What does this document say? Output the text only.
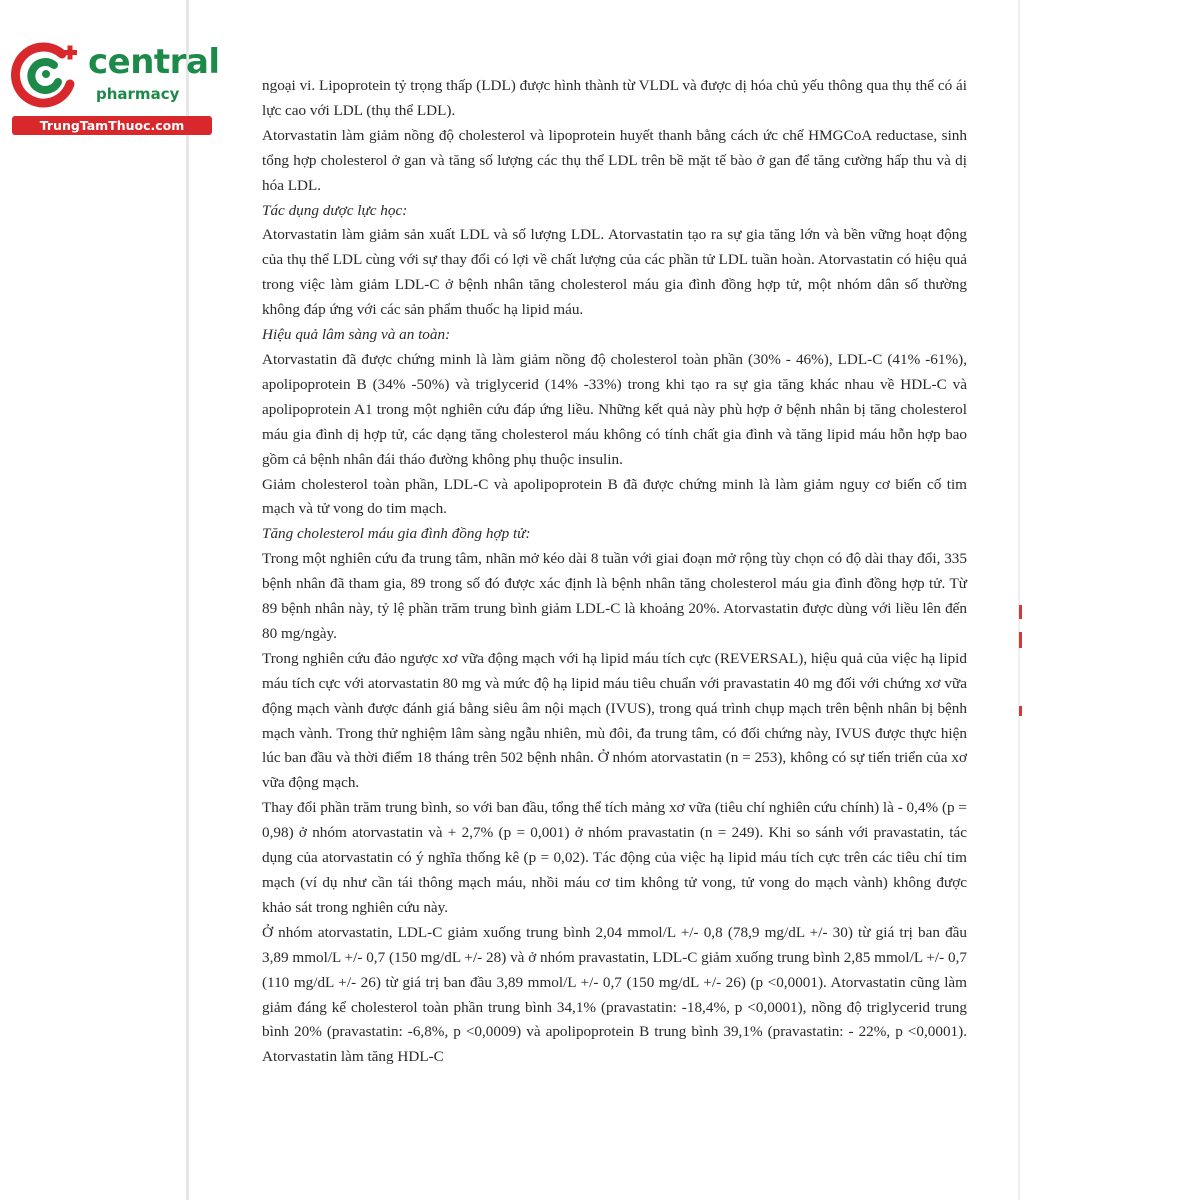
central
pharmacy
TrungTamThuoc.com

ngoại vi. Lipoprotein tỷ trọng thấp (LDL) được hình thành từ VLDL và được dị hóa chủ yếu thông qua thụ thể có ái lực cao với LDL (thụ thể LDL).

Atorvastatin làm giảm nồng độ cholesterol và lipoprotein huyết thanh bằng cách ức chế HMGCoA reductase, sinh tổng hợp cholesterol ở gan và tăng số lượng các thụ thể LDL trên bề mặt tế bào ở gan để tăng cường hấp thu và dị hóa LDL.

Tác dụng dược lực học:

Atorvastatin làm giảm sản xuất LDL và số lượng LDL. Atorvastatin tạo ra sự gia tăng lớn và bền vững hoạt động của thụ thể LDL cùng với sự thay đổi có lợi về chất lượng của các phần tử LDL tuần hoàn. Atorvastatin có hiệu quả trong việc làm giảm LDL-C ở bệnh nhân tăng cholesterol máu gia đình đồng hợp tử, một nhóm dân số thường không đáp ứng với các sản phẩm thuốc hạ lipid máu.

Hiệu quả lâm sàng và an toàn:

Atorvastatin đã được chứng minh là làm giảm nồng độ cholesterol toàn phần (30% - 46%), LDL-C (41% -61%), apolipoprotein B (34% -50%) và triglycerid (14% -33%) trong khi tạo ra sự gia tăng khác nhau về HDL-C và apolipoprotein A1 trong một nghiên cứu đáp ứng liều. Những kết quả này phù hợp ở bệnh nhân bị tăng cholesterol máu gia đình dị hợp tử, các dạng tăng cholesterol máu không có tính chất gia đình và tăng lipid máu hỗn hợp bao gồm cả bệnh nhân đái tháo đường không phụ thuộc insulin.

Giảm cholesterol toàn phần, LDL-C và apolipoprotein B đã được chứng minh là làm giảm nguy cơ biến cố tim mạch và tử vong do tim mạch.

Tăng cholesterol máu gia đình đồng hợp tử:

Trong một nghiên cứu đa trung tâm, nhãn mở kéo dài 8 tuần với giai đoạn mở rộng tùy chọn có độ dài thay đổi, 335 bệnh nhân đã tham gia, 89 trong số đó được xác định là bệnh nhân tăng cholesterol máu gia đình đồng hợp tử. Từ 89 bệnh nhân này, tỷ lệ phần trăm trung bình giảm LDL-C là khoảng 20%. Atorvastatin được dùng với liều lên đến 80 mg/ngày.

Trong nghiên cứu đảo ngược xơ vữa động mạch với hạ lipid máu tích cực (REVERSAL), hiệu quả của việc hạ lipid máu tích cực với atorvastatin 80 mg và mức độ hạ lipid máu tiêu chuẩn với pravastatin 40 mg đối với chứng xơ vữa động mạch vành được đánh giá bằng siêu âm nội mạch (IVUS), trong quá trình chụp mạch trên bệnh nhân bị bệnh mạch vành. Trong thử nghiệm lâm sàng ngẫu nhiên, mù đôi, đa trung tâm, có đối chứng này, IVUS được thực hiện lúc ban đầu và thời điểm 18 tháng trên 502 bệnh nhân. Ở nhóm atorvastatin (n = 253), không có sự tiến triển của xơ vữa động mạch.

Thay đổi phần trăm trung bình, so với ban đầu, tổng thể tích mảng xơ vữa (tiêu chí nghiên cứu chính) là - 0,4% (p = 0,98) ở nhóm atorvastatin và + 2,7% (p = 0,001) ở nhóm pravastatin (n = 249). Khi so sánh với pravastatin, tác dụng của atorvastatin có ý nghĩa thống kê (p = 0,02). Tác động của việc hạ lipid máu tích cực trên các tiêu chí tim mạch (ví dụ như cần tái thông mạch máu, nhồi máu cơ tim không tử vong, tử vong do mạch vành) không được khảo sát trong nghiên cứu này.

Ở nhóm atorvastatin, LDL-C giảm xuống trung bình 2,04 mmol/L +/- 0,8 (78,9 mg/dL +/- 30) từ giá trị ban đầu 3,89 mmol/L +/- 0,7 (150 mg/dL +/- 28) và ở nhóm pravastatin, LDL-C giảm xuống trung bình 2,85 mmol/L +/- 0,7 (110 mg/dL +/- 26) từ giá trị ban đầu 3,89 mmol/L +/- 0,7 (150 mg/dL +/- 26) (p <0,0001). Atorvastatin cũng làm giảm đáng kể cholesterol toàn phần trung bình 34,1% (pravastatin: -18,4%, p <0,0001), nồng độ triglycerid trung bình 20% (pravastatin: -6,8%, p <0,0009) và apolipoprotein B trung bình 39,1% (pravastatin: - 22%, p <0,0001). Atorvastatin làm tăng HDL-C
